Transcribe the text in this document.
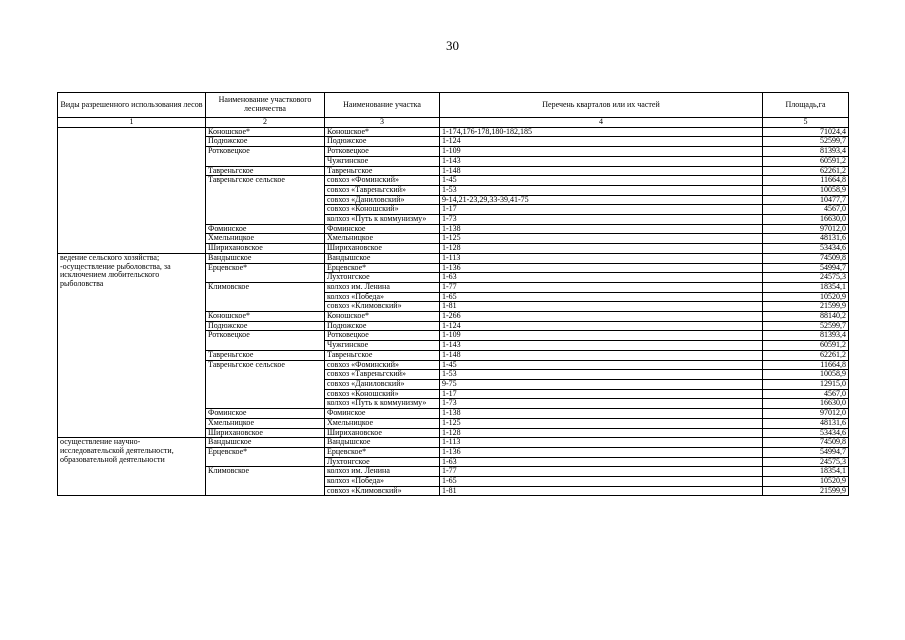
30
Виды разрешенного использования лесов	Наименование участкового лесничества	Наименование участка	Перечень кварталов или их частей	Площадь,га
1	2	3	4	5
	Коношское*	Коношское*	1-174,176-178,180-182,185	71024,4
	Подюжское	Подюжское	1-124	52599,7
	Ротковецкое	Ротковецкое	1-109	81393,4
		Чужгинское	1-143	60591,2
	Тавреньгское	Тавреньгское	1-148	62261,2
	Тавреньгское сельское	совхоз «Фоминский»	1-45	11664,8
		совхоз «Тавреньгский»	1-53	10058,9
		совхоз «Даниловский»	9-14,21-23,29,33-39,41-75	10477,7
		совхоз «Коношский»	1-17	4567,0
		колхоз «Путь к коммунизму»	1-73	16630,0
	Фоминское	Фоминское	1-138	97012,0
	Хмельницкое	Хмельницкое	1-125	48131,6
	Шиpихановское	Шириxановское	1-128	53434,6
ведение сельского хозяйства; -осуществление рыболовства, за исключением любительского рыболовства	Вандышское	Вандышское	1-113	74509,8
	Ерцевское*	Ерцевское*	1-136	54994,7
		Лухтонгское	1-63	24575,3
	Климовское	колхоз им. Ленина	1-77	18354,1
		колхоз «Победа»	1-65	10520,9
		совхоз «Климовский»	1-81	21599,9
	Коношское*	Коношское*	1-266	88140,2
	Подюжское	Подюжское	1-124	52599,7
	Ротковецкое	Ротковецкое	1-109	81393,4
		Чужгинское	1-143	60591,2
	Тавреньгское	Тавреньгское	1-148	62261,2
	Тавреньгское сельское	совхоз «Фоминский»	1-45	11664,8
		совхоз «Тавреньгский»	1-53	10058,9
		совхоз «Даниловский»	9-75	12915,0
		совхоз «Коношский»	1-17	4567,0
		колхоз «Путь к коммунизму»	1-73	16630,0
	Фоминское	Фоминское	1-138	97012,0
	Хмельницкое	Хмельницкое	1-125	48131,6
	Шириxановское	Шириxановское	1-128	53434,6
осуществление научно-исследовательской деятельности, образовательной деятельности	Вандышское	Вандышское	1-113	74509,8
	Ерцевское*	Ерцевское*	1-136	54994,7
		Лухтонгское	1-63	24575,3
	Климовское	колхоз им. Ленина	1-77	18354,1
		колхоз «Победа»	1-65	10520,9
		совхоз «Климовский»	1-81	21599,9
